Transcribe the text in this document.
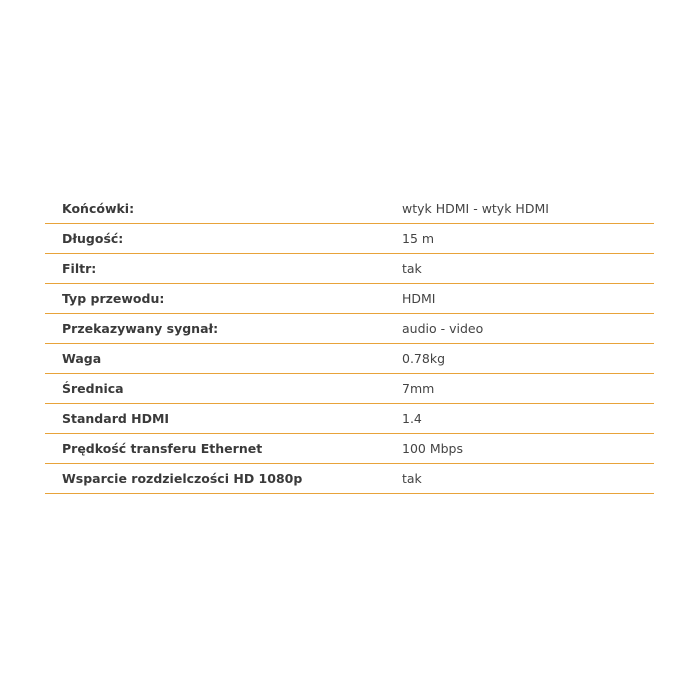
Końcówki:	wtyk HDMI - wtyk HDMI
Długość:	15 m
Filtr:	tak
Typ przewodu:	HDMI
Przekazywany sygnał:	audio - video
Waga	0.78kg
Średnica	7mm
Standard HDMI	1.4
Prędkość transferu Ethernet	100 Mbps
Wsparcie rozdzielczości HD 1080p	tak
